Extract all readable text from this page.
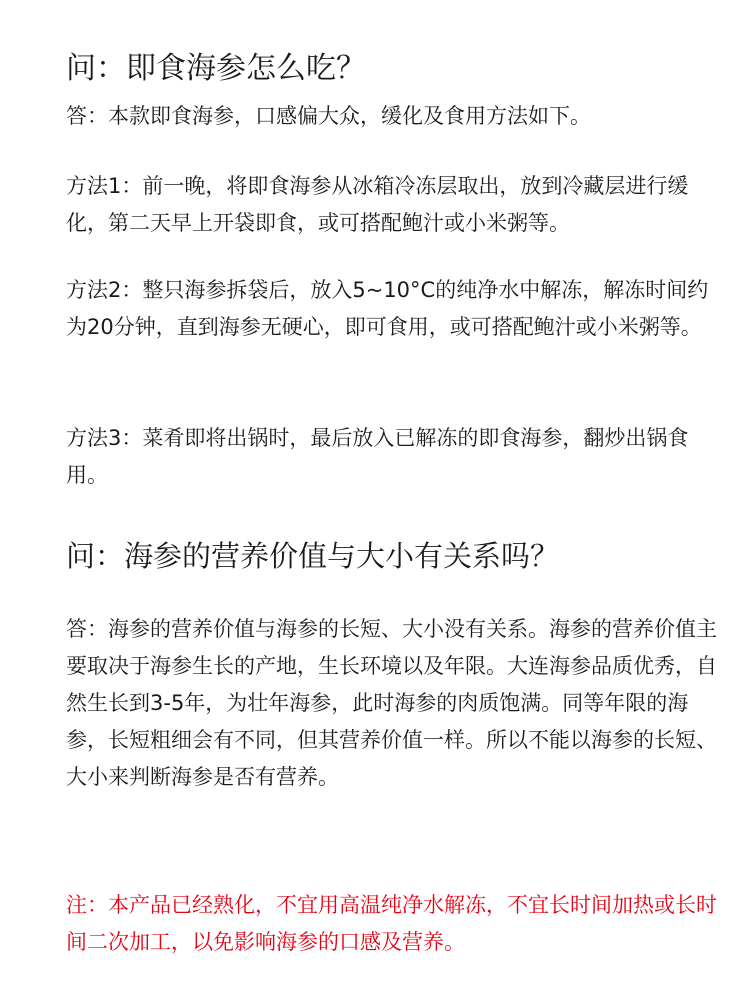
问：即食海参怎么吃？

答：本款即食海参，口感偏大众，缓化及食用方法如下。

方法1：前一晚，将即食海参从冰箱冷冻层取出，放到冷藏层进行缓化，第二天早上开袋即食，或可搭配鲍汁或小米粥等。

方法2：整只海参拆袋后，放入5~10°C的纯净水中解冻，解冻时间约为20分钟，直到海参无硬心，即可食用，或可搭配鲍汁或小米粥等。

方法3：菜肴即将出锅时，最后放入已解冻的即食海参，翻炒出锅食用。

问：海参的营养价值与大小有关系吗？

答：海参的营养价值与海参的长短、大小没有关系。海参的营养价值主要取决于海参生长的产地，生长环境以及年限。大连海参品质优秀，自然生长到3-5年，为壮年海参，此时海参的肉质饱满。同等年限的海参，长短粗细会有不同，但其营养价值一样。所以不能以海参的长短、大小来判断海参是否有营养。

注：本产品已经熟化，不宜用高温纯净水解冻，不宜长时间加热或长时间二次加工，以免影响海参的口感及营养。
